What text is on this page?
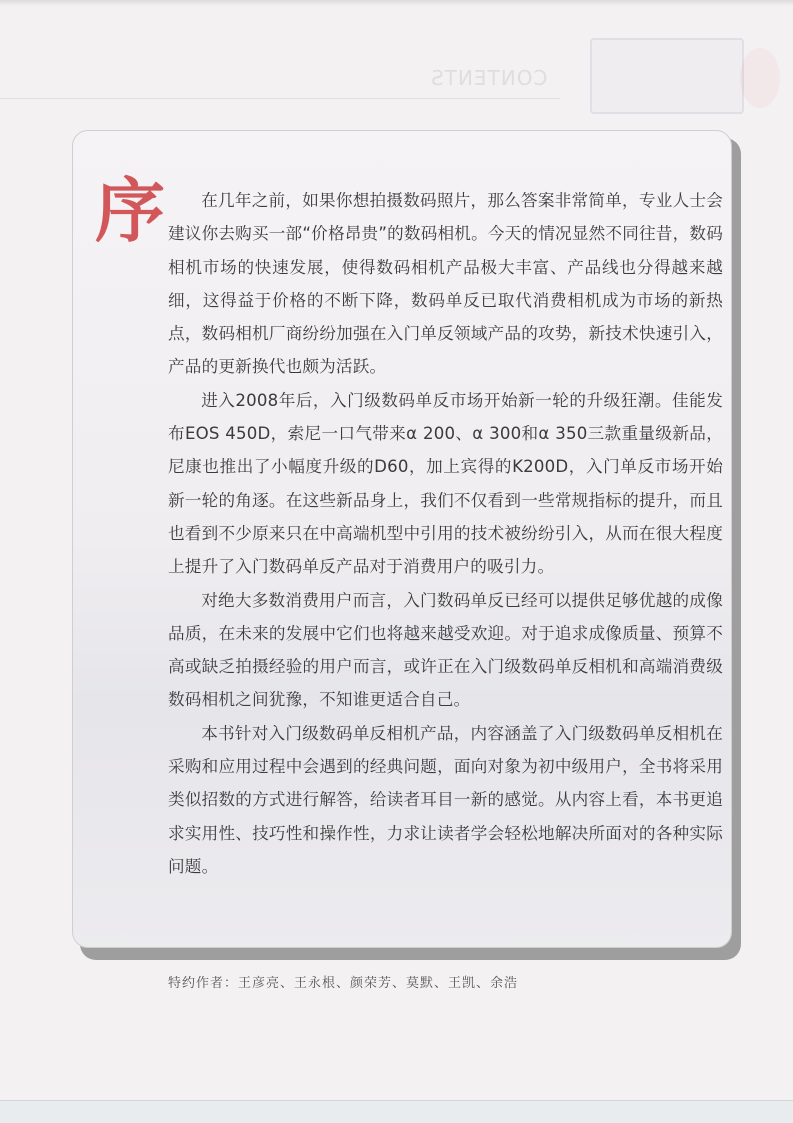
CONTENTS
序	在几年之前，如果你想拍摄数码照片，那么答案非常简单，专业人士会建议你去购买一部“价格昂贵”的数码相机。今天的情况显然不同往昔，数码相机市场的快速发展，使得数码相机产品极大丰富、产品线也分得越来越细，这得益于价格的不断下降，数码单反已取代消费相机成为市场的新热点，数码相机厂商纷纷加强在入门单反领域产品的攻势，新技术快速引入，产品的更新换代也颇为活跃。

进入2008年后，入门级数码单反市场开始新一轮的升级狂潮。佳能发布EOS 450D，索尼一口气带来α 200、α 300和α 350三款重量级新品，尼康也推出了小幅度升级的D60，加上宾得的K200D，入门单反市场开始新一轮的角逐。在这些新品身上，我们不仅看到一些常规指标的提升，而且也看到不少原来只在中高端机型中引用的技术被纷纷引入，从而在很大程度上提升了入门数码单反产品对于消费用户的吸引力。

对绝大多数消费用户而言，入门数码单反已经可以提供足够优越的成像品质，在未来的发展中它们也将越来越受欢迎。对于追求成像质量、预算不高或缺乏拍摄经验的用户而言，或许正在入门级数码单反相机和高端消费级数码相机之间犹豫，不知谁更适合自己。

本书针对入门级数码单反相机产品，内容涵盖了入门级数码单反相机在采购和应用过程中会遇到的经典问题，面向对象为初中级用户，全书将采用类似招数的方式进行解答，给读者耳目一新的感觉。从内容上看，本书更追求实用性、技巧性和操作性，力求让读者学会轻松地解决所面对的各种实际问题。

特约作者：王彦亮、王永根、颜荣芳、莫默、王凯、余浩
